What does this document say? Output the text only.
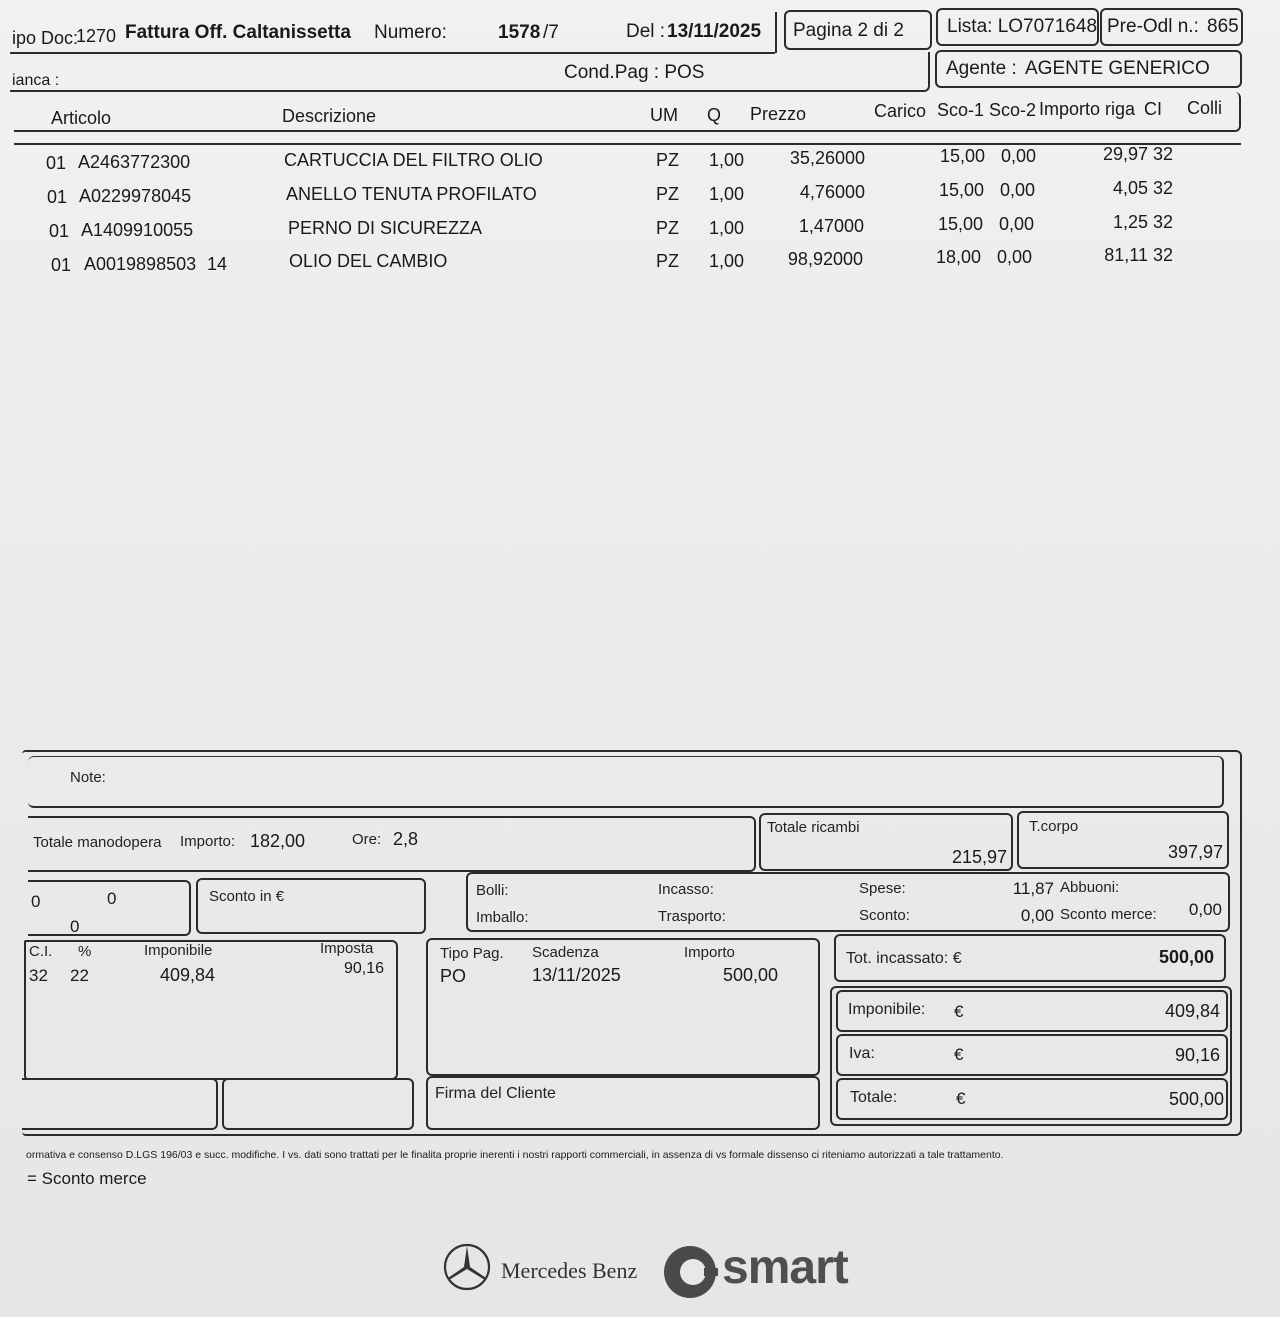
ipo Doc:
1270 Fattura Off. Caltanissetta Numero:	1578 /7	Del : 13/11/2025 Pagina 2 di 2 Lista: LO7071648 Pre-Odl n.: 865
ianca :	Cond.Pag : POS	Agente : AGENTE GENERICO
Articolo	Descrizione	UM Q Prezzo	Carico Sco-1 Sco-2 Importo riga CI Colli
01 A2463772300	CARTUCCIA DEL FILTRO OLIO	PZ 1,00	35,26000	15,00 0,00	29,97 32
01 A0229978045	ANELLO TENUTA PROFILATO	PZ 1,00	4,76000	15,00 0,00	4,05 32
01 A1409910055	PERNO DI SICUREZZA	PZ 1,00	1,47000	15,00 0,00	1,25 32
01 A0019898503 14	OLIO DEL CAMBIO	PZ 1,00	98,92000	18,00 0,00	81,11 32
Note:
Totale manodopera Importo: 182,00	Ore: 2,8
Totale ricambi
215,97
T.corpo
397,97
0	0
0
Sconto in €	Bolli:
Imballo:
Incasso:
Trasporto:
Spese:	11,87
Sconto:	0,00
Abbuoni:
Sconto merce:	0,00
C.I. %	Imponibile	Imposta
32 22	409,84	90,16
Tipo Pag. Scadenza	Importo
PO	13/11/2025	500,00
Tot. incassato: €	500,00
Imponibile: €	409,84
Iva:	€	90,16
Totale:	€	500,00
Firma del Cliente
ormativa e consenso D.LGS 196/03 e succ. modifiche. I vs. dati sono trattati per le finalita proprie inerenti i nostri rapporti commerciali, in assenza di vs formale dissenso ci riteniamo autorizzati a tale trattamento.
= Sconto merce
Mercedes Benz smart
